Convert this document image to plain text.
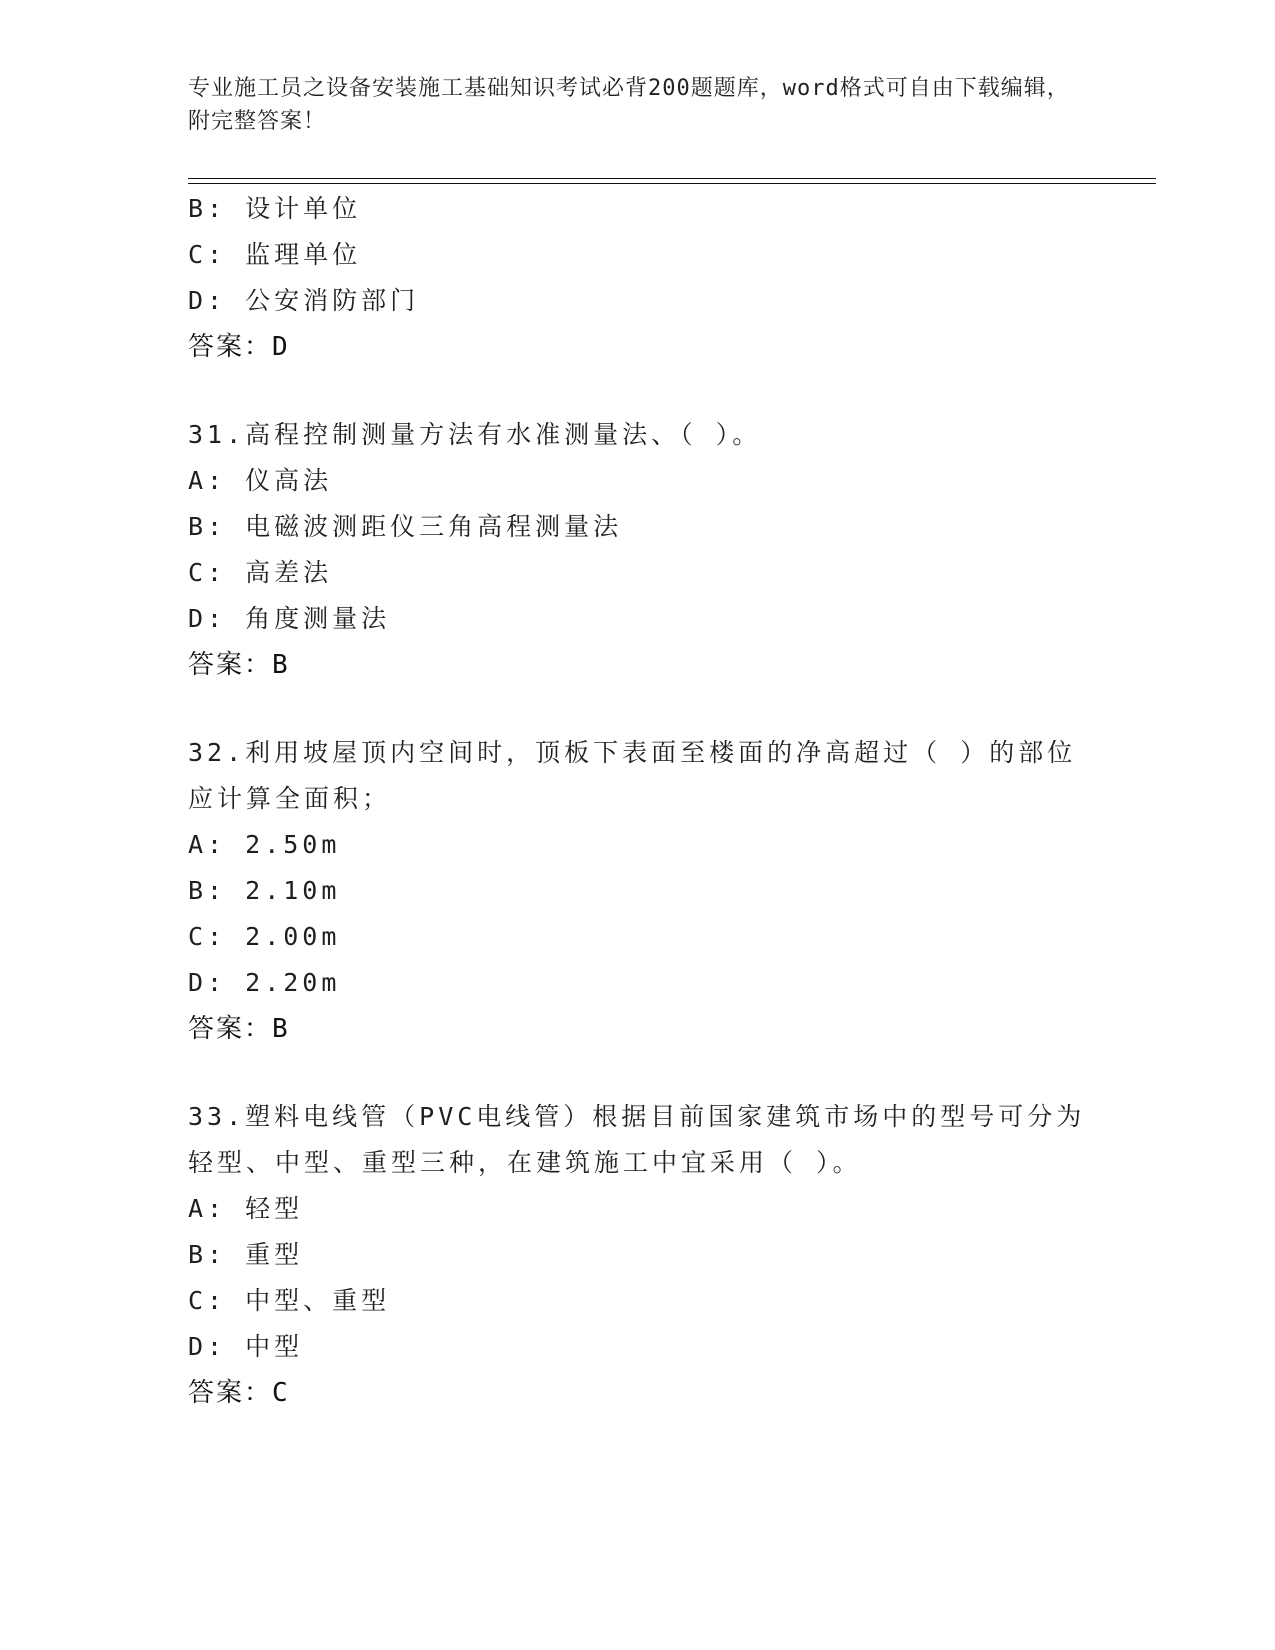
专业施工员之设备安装施工基础知识考试必背200题题库，word格式可自由下载编辑，附完整答案！
B: 设计单位
C: 监理单位
D: 公安消防部门
答案：D
31.高程控制测量方法有水准测量法、（ ）。
A: 仪高法
B: 电磁波测距仪三角高程测量法
C: 高差法
D: 角度测量法
答案：B
32.利用坡屋顶内空间时，顶板下表面至楼面的净高超过（ ）的部位应计算全面积；
A: 2.50m
B: 2.10m
C: 2.00m
D: 2.20m
答案：B
33.塑料电线管（PVC电线管）根据目前国家建筑市场中的型号可分为轻型、中型、重型三种，在建筑施工中宜采用（ ）。
A: 轻型
B: 重型
C: 中型、重型
D: 中型
答案：C
